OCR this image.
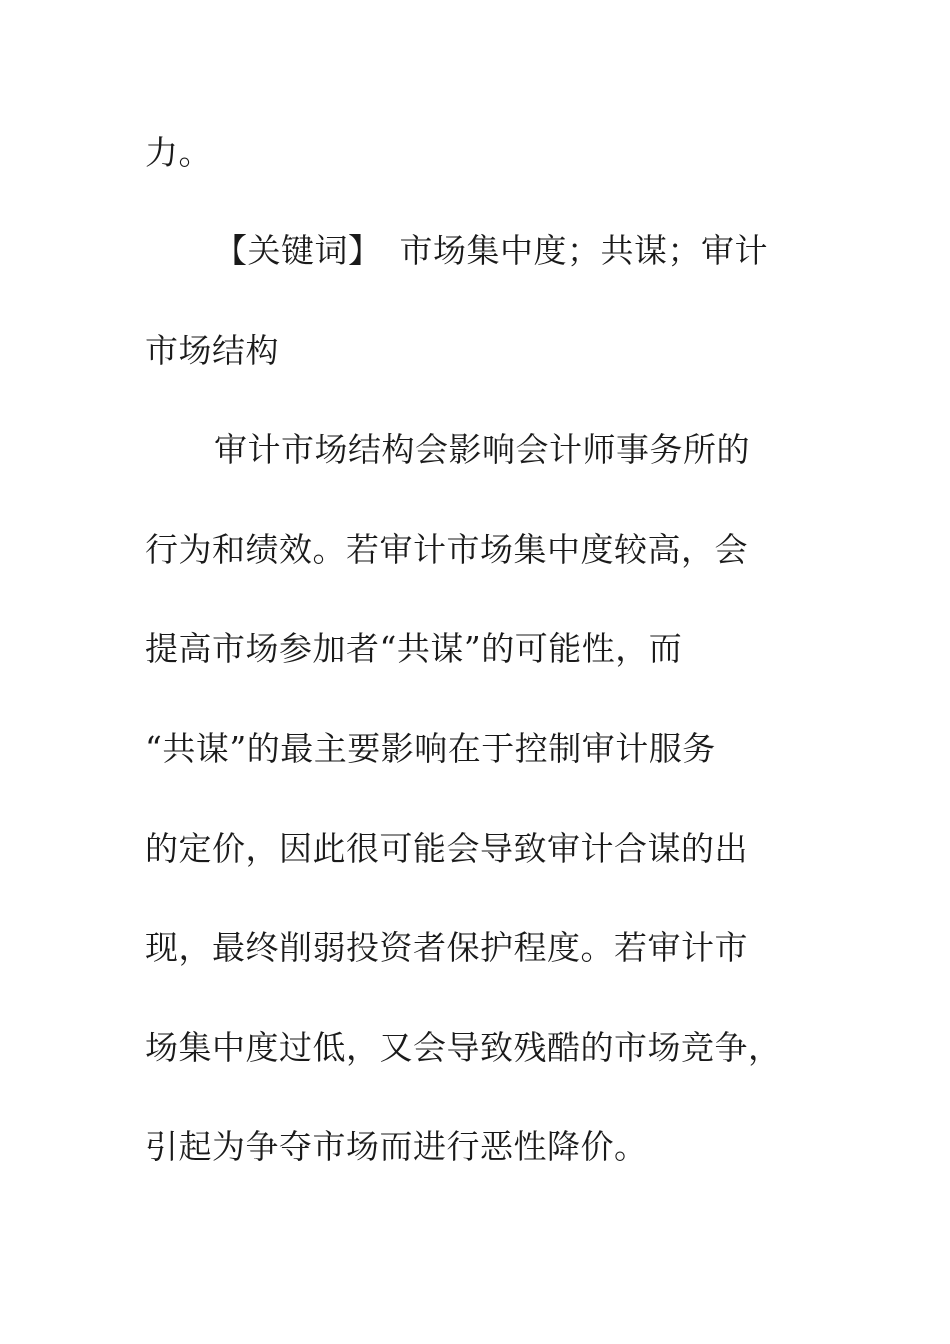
力。
【关键词】 市场集中度；共谋；审计
市场结构
审计市场结构会影响会计师事务所的
行为和绩效。若审计市场集中度较高，会
提高市场参加者“共谋”的可能性，而
“共谋”的最主要影响在于控制审计服务
的定价，因此很可能会导致审计合谋的出
现，最终削弱投资者保护程度。若审计市
场集中度过低，又会导致残酷的市场竞争，
引起为争夺市场而进行恶性降价。
